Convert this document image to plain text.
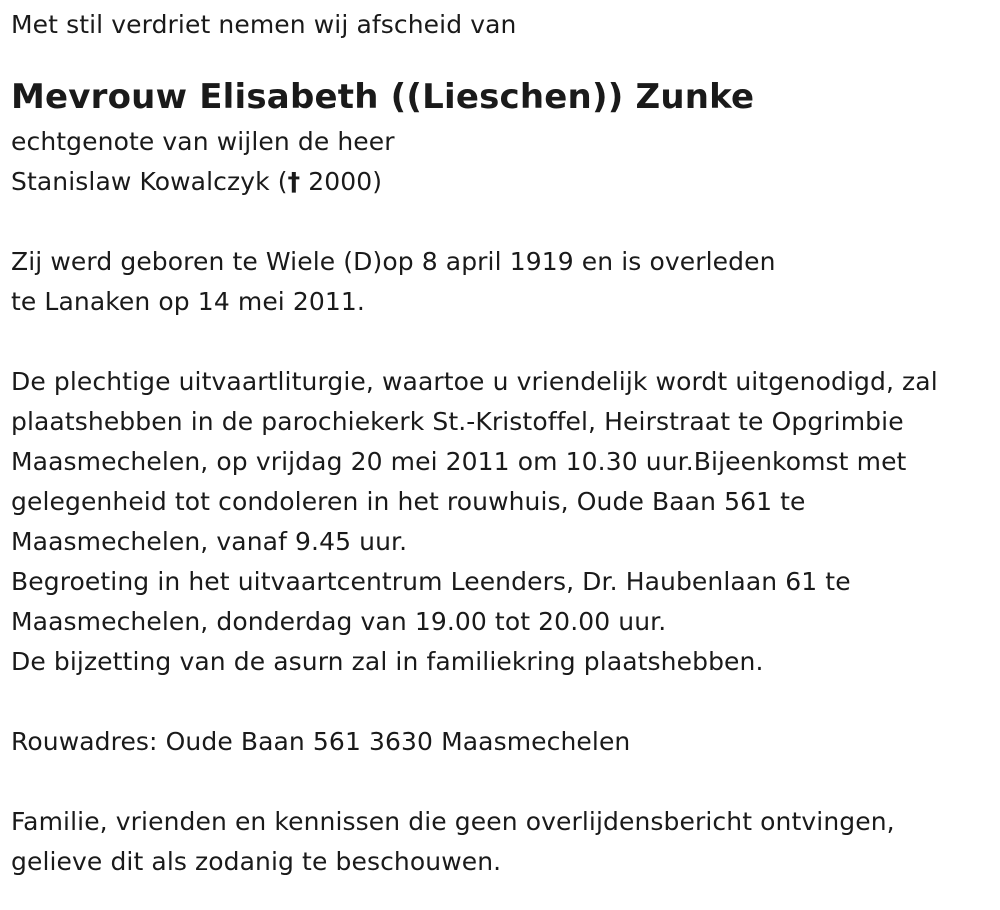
Met stil verdriet nemen wij afscheid van
Mevrouw Elisabeth ((Lieschen)) Zunke
echtgenote van wijlen de heer
Stanislaw Kowalczyk († 2000)
Zij werd geboren te Wiele (D)op 8 april 1919 en is overleden
te Lanaken op 14 mei 2011.
De plechtige uitvaartliturgie, waartoe u vriendelijk wordt uitgenodigd, zal
plaatshebben in de parochiekerk St.-Kristoffel, Heirstraat te Opgrimbie
Maasmechelen, op vrijdag 20 mei 2011 om 10.30 uur.Bijeenkomst met
gelegenheid tot condoleren in het rouwhuis, Oude Baan 561 te
Maasmechelen, vanaf 9.45 uur.
Begroeting in het uitvaartcentrum Leenders, Dr. Haubenlaan 61 te
Maasmechelen, donderdag van 19.00 tot 20.00 uur.
De bijzetting van de asurn zal in familiekring plaatshebben.
Rouwadres: Oude Baan 561 3630 Maasmechelen
Familie, vrienden en kennissen die geen overlijdensbericht ontvingen,
gelieve dit als zodanig te beschouwen.
